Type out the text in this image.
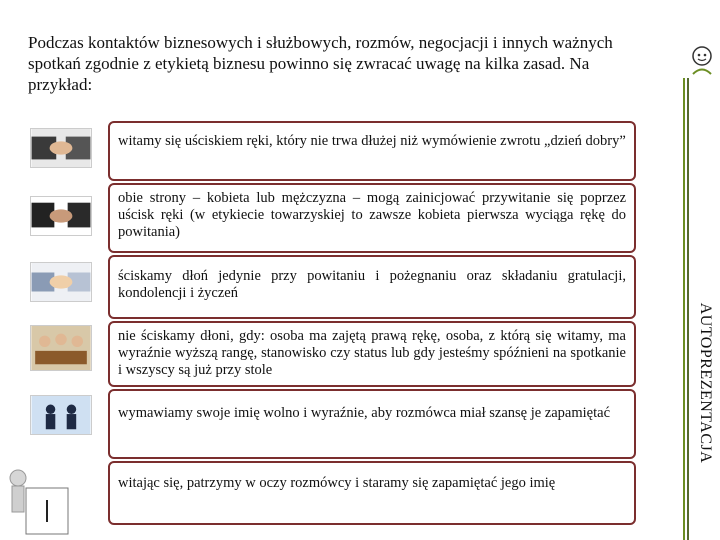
Podczas kontaktów biznesowych i służbowych, rozmów, negocjacji i innych ważnych spotkań zgodnie z etykietą biznesu powinno się zwracać uwagę na kilka zasad. Na przykład:
AUTOPREZENTACJA
witamy się uściskiem ręki, który nie trwa dłużej niż wymówienie zwrotu „dzień dobry”
obie strony – kobieta lub mężczyzna – mogą zainicjować przywitanie się poprzez uścisk ręki (w etykiecie towarzyskiej to zawsze kobieta pierwsza wyciąga rękę do powitania)
ściskamy dłoń jedynie przy powitaniu i pożegnaniu oraz składaniu gratulacji, kondolencji i życzeń
nie ściskamy dłoni, gdy: osoba ma zajętą prawą rękę, osoba, z którą się witamy, ma wyraźnie wyższą rangę, stanowisko czy status lub gdy jesteśmy spóźnieni na spotkanie i wszyscy są już przy stole
wymawiamy swoje imię wolno i wyraźnie, aby rozmówca miał szansę je zapamiętać
witając się, patrzymy w oczy rozmówcy i staramy się zapamiętać jego imię
